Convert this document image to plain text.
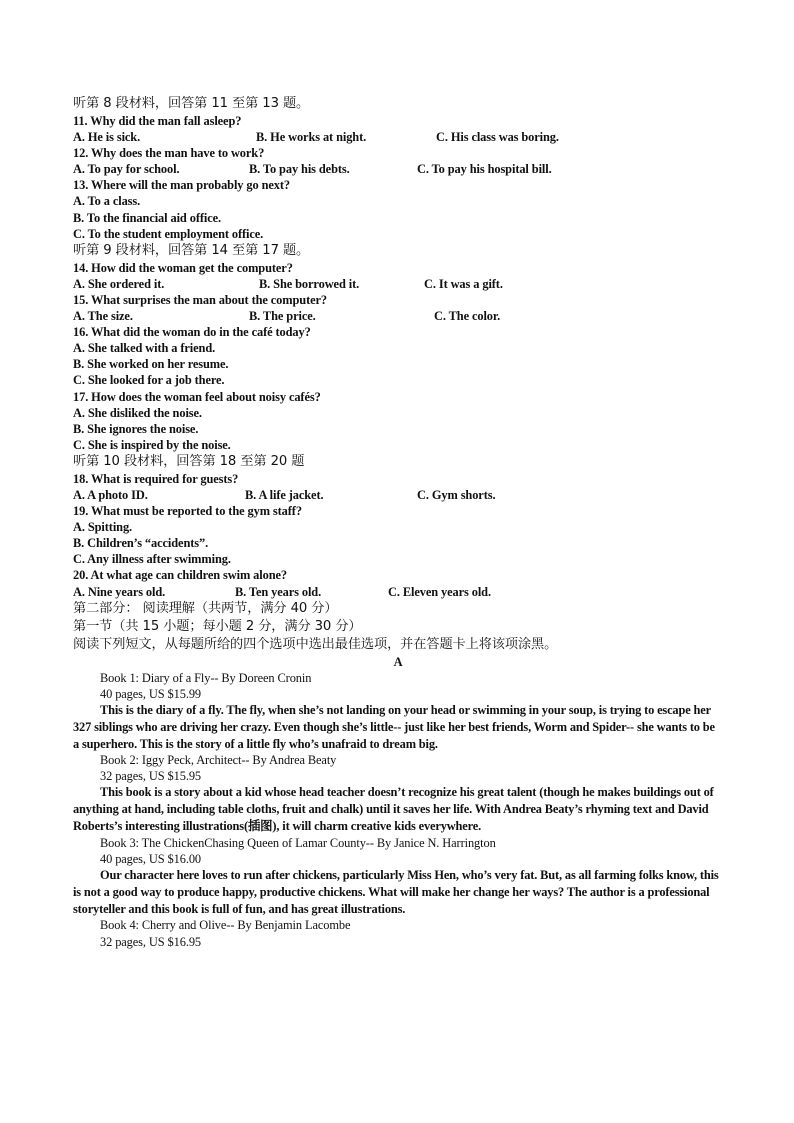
听第 8 段材料，回答第 11 至第 13 题。
11. Why did the man fall asleep?
A. He is sick.	B. He works at night.	C. His class was boring.
12. Why does the man have to work?
A. To pay for school.	B. To pay his debts.	C. To pay his hospital bill.
13. Where will the man probably go next?
A. To a class.
B. To the financial aid office.
C. To the student employment office.
听第 9 段材料，回答第 14 至第 17 题。
14. How did the woman get the computer?
A. She ordered it.	B. She borrowed it.	C. It was a gift.
15. What surprises the man about the computer?
A. The size.	B. The price.	C. The color.
16. What did the woman do in the café today?
A. She talked with a friend.
B. She worked on her resume.
C. She looked for a job there.
17. How does the woman feel about noisy cafés?
A. She disliked the noise.
B. She ignores the noise.
C. She is inspired by the noise.
听第 10 段材料，回答第 18 至第 20 题
18. What is required for guests?
A. A photo ID.	B. A life jacket.	C. Gym shorts.
19. What must be reported to the gym staff?
A. Spitting.
B. Children’s “accidents”.
C. Any illness after swimming.
20. At what age can children swim alone?
A. Nine years old.	B. Ten years old.	C. Eleven years old.
第二部分： 阅读理解（共两节，满分 40 分）
第一节（共 15 小题；每小题 2 分，满分 30 分）
阅读下列短文，从每题所给的四个选项中选出最佳选项，并在答题卡上将该项涂黑。
A
Book 1: Diary of a Fly-- By Doreen Cronin
40 pages, US $15.99

This is the diary of a fly. The fly, when she’s not landing on your head or swimming in your soup, is trying to escape her 327 siblings who are driving her crazy. Even though she’s little-- just like her best friends, Worm and Spider-- she wants to be a superhero. This is the story of a little fly who’s unafraid to dream big.

Book 2: Iggy Peck, Architect-- By Andrea Beaty
32 pages, US $15.95

This book is a story about a kid whose head teacher doesn’t recognize his great talent (though he makes buildings out of anything at hand, including table cloths, fruit and chalk) until it saves her life. With Andrea Beaty’s rhyming text and David Roberts’s interesting illustrations(插图), it will charm creative kids everywhere.

Book 3: The ChickenChasing Queen of Lamar County-- By Janice N. Harrington
40 pages, US $16.00

Our character here loves to run after chickens, particularly Miss Hen, who’s very fat. But, as all farming folks know, this is not a good way to produce happy, productive chickens. What will make her change her ways? The author is a professional storyteller and this book is full of fun, and has great illustrations.

Book 4: Cherry and Olive-- By Benjamin Lacombe
32 pages, US $16.95
